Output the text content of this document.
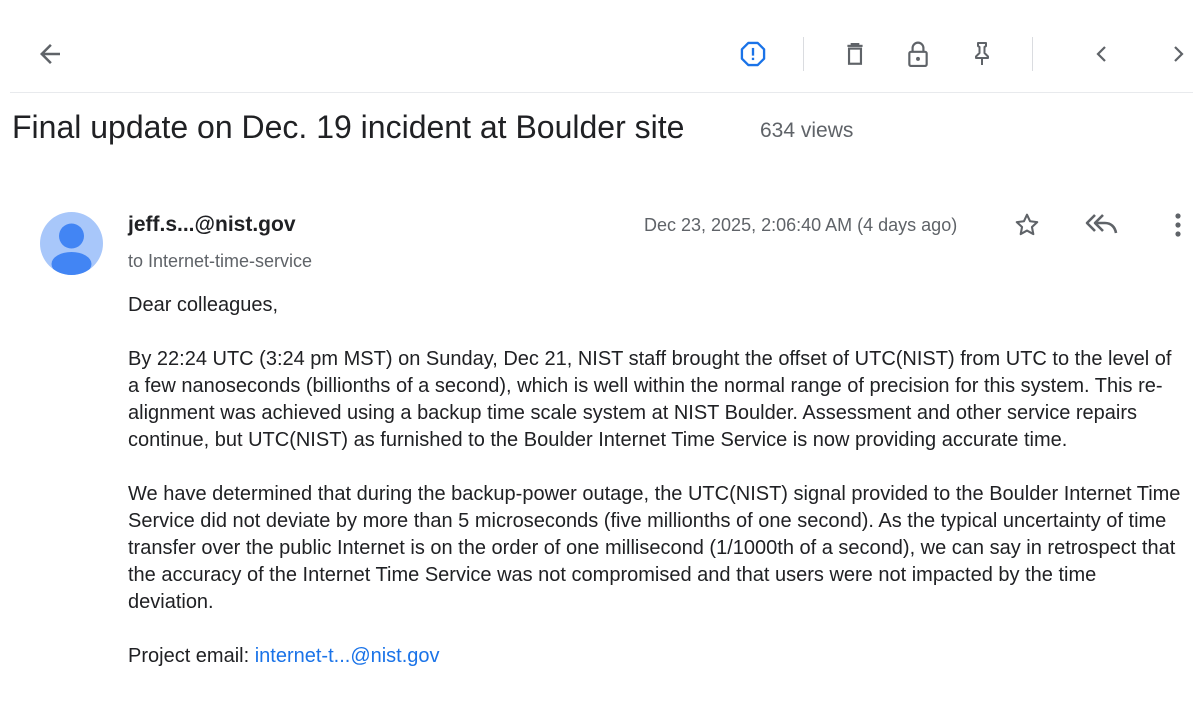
Final update on Dec. 19 incident at Boulder site	634 views
jeff.s...@nist.gov
to Internet-time-service
Dec 23, 2025, 2:06:40 AM (4 days ago)

Dear colleagues,

By 22:24 UTC (3:24 pm MST) on Sunday, Dec 21, NIST staff brought the offset of UTC(NIST) from UTC to the level of a few nanoseconds (billionths of a second), which is well within the normal range of precision for this system. This re-alignment was achieved using a backup time scale system at NIST Boulder. Assessment and other service repairs continue, but UTC(NIST) as furnished to the Boulder Internet Time Service is now providing accurate time.

We have determined that during the backup-power outage, the UTC(NIST) signal provided to the Boulder Internet Time Service did not deviate by more than 5 microseconds (five millionths of one second). As the typical uncertainty of time transfer over the public Internet is on the order of one millisecond (1/1000th of a second), we can say in retrospect that the accuracy of the Internet Time Service was not compromised and that users were not impacted by the time deviation.

Project email: internet-t...@nist.gov
